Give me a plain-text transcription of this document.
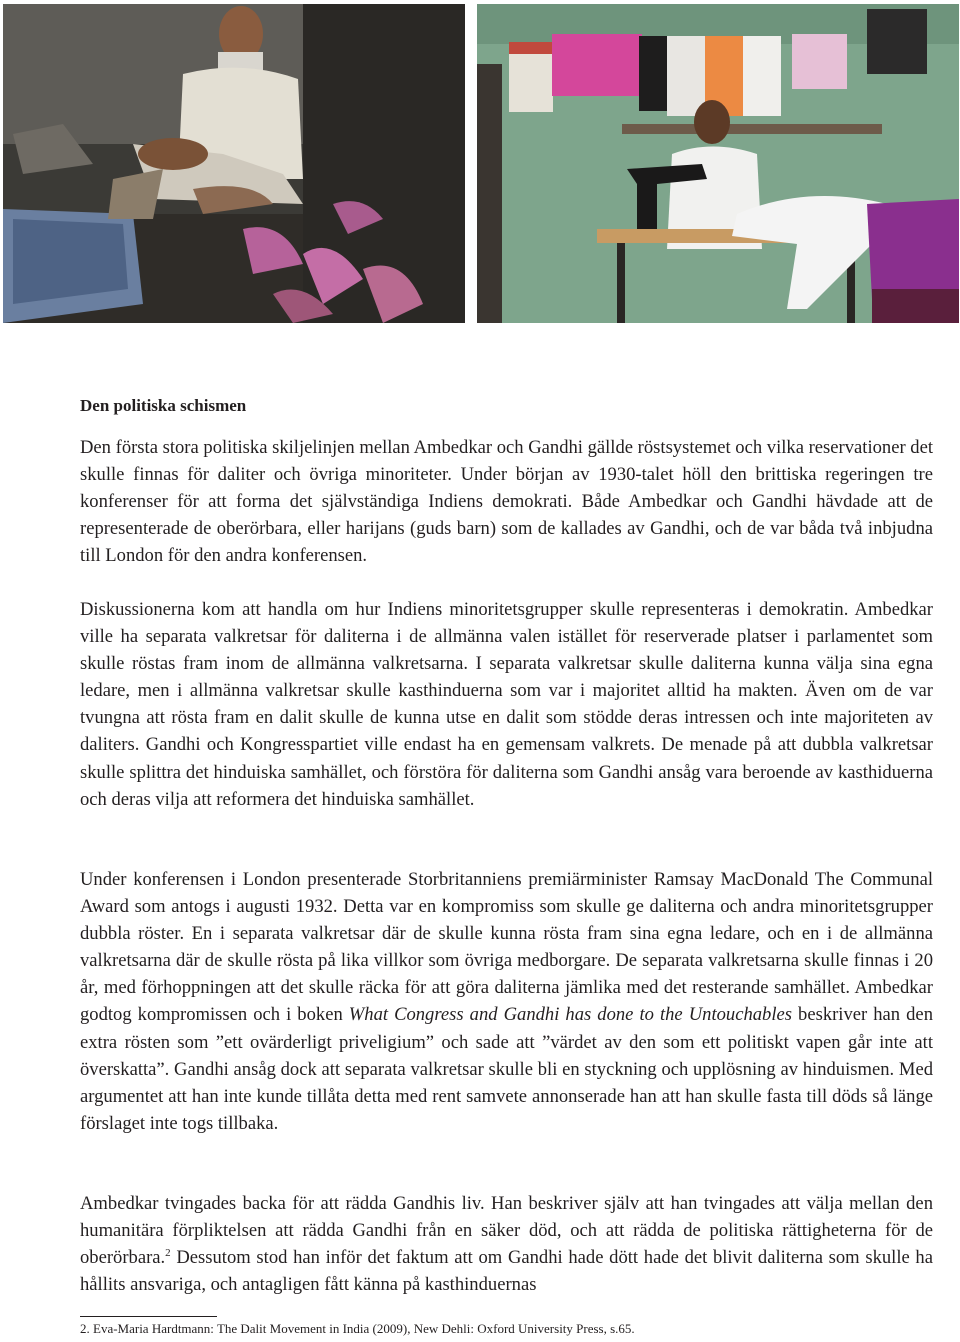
Den politiska schismen

Den första stora politiska skiljelinjen mellan Ambedkar och Gandhi gällde röstsystemet och vilka reservationer det skulle finnas för daliter och övriga minoriteter. Under början av 1930-talet höll den brittiska regeringen tre konferenser för att forma det självständiga Indiens demokrati. Både Ambedkar och Gandhi hävdade att de representerade de oberörbara, eller harijans (guds barn) som de kallades av Gandhi, och de var båda två inbjudna till London för den andra konferensen.

Diskussionerna kom att handla om hur Indiens minoritetsgrupper skulle representeras i demokratin. Ambedkar ville ha separata valkretsar för daliterna i de allmänna valen istället för reserverade platser i parlamentet som skulle röstas fram inom de allmänna valkretsarna. I separata valkretsar skulle daliterna kunna välja sina egna ledare, men i allmänna valkretsar skulle kasthinduerna som var i majoritet alltid ha makten. Även om de var tvungna att rösta fram en dalit skulle de kunna utse en dalit som stödde deras intressen och inte majoriteten av daliters. Gandhi och Kongresspartiet ville endast ha en gemensam valkrets. De menade på att dubbla valkretsar skulle splittra det hinduiska samhället, och förstöra för daliterna som Gandhi ansåg vara beroende av kasthiduerna och deras vilja att reformera det hinduiska samhället.

Under konferensen i London presenterade Storbritanniens premiärminister Ramsay MacDonald The Communal Award som antogs i augusti 1932. Detta var en kompromiss som skulle ge daliterna och andra minoritetsgrupper dubbla röster. En i separata valkretsar där de skulle kunna rösta fram sina egna ledare, och en i de allmänna valkretsarna där de skulle rösta på lika villkor som övriga medborgare. De separata valkretsarna skulle finnas i 20 år, med förhoppningen att det skulle räcka för att göra daliterna jämlika med det resterande samhället. Ambedkar godtog kompromissen och i boken What Congress and Gandhi has done to the Untouchables beskriver han den extra rösten som ”ett ovärderligt priveligium” och sade att ”värdet av den som ett politiskt vapen går inte att överskatta”. Gandhi ansåg dock att separata valkretsar skulle bli en styckning och upplösning av hinduismen. Med argumentet att han inte kunde tillåta detta med rent samvete annonserade han att han skulle fasta till döds så länge förslaget inte togs tillbaka.

Ambedkar tvingades backa för att rädda Gandhis liv. Han beskriver själv att han tvingades att välja mellan den humanitära förpliktelsen att rädda Gandhi från en säker död, och att rädda de politiska rättigheterna för de oberörbara.$^2$ Dessutom stod han inför det faktum att om Gandhi hade dött hade det blivit daliterna som skulle ha hållits ansvariga, och antagligen fått känna på kasthinduernas

2. Eva-Maria Hardtmann: The Dalit Movement in India (2009), New Dehli: Oxford University Press, s.65.
